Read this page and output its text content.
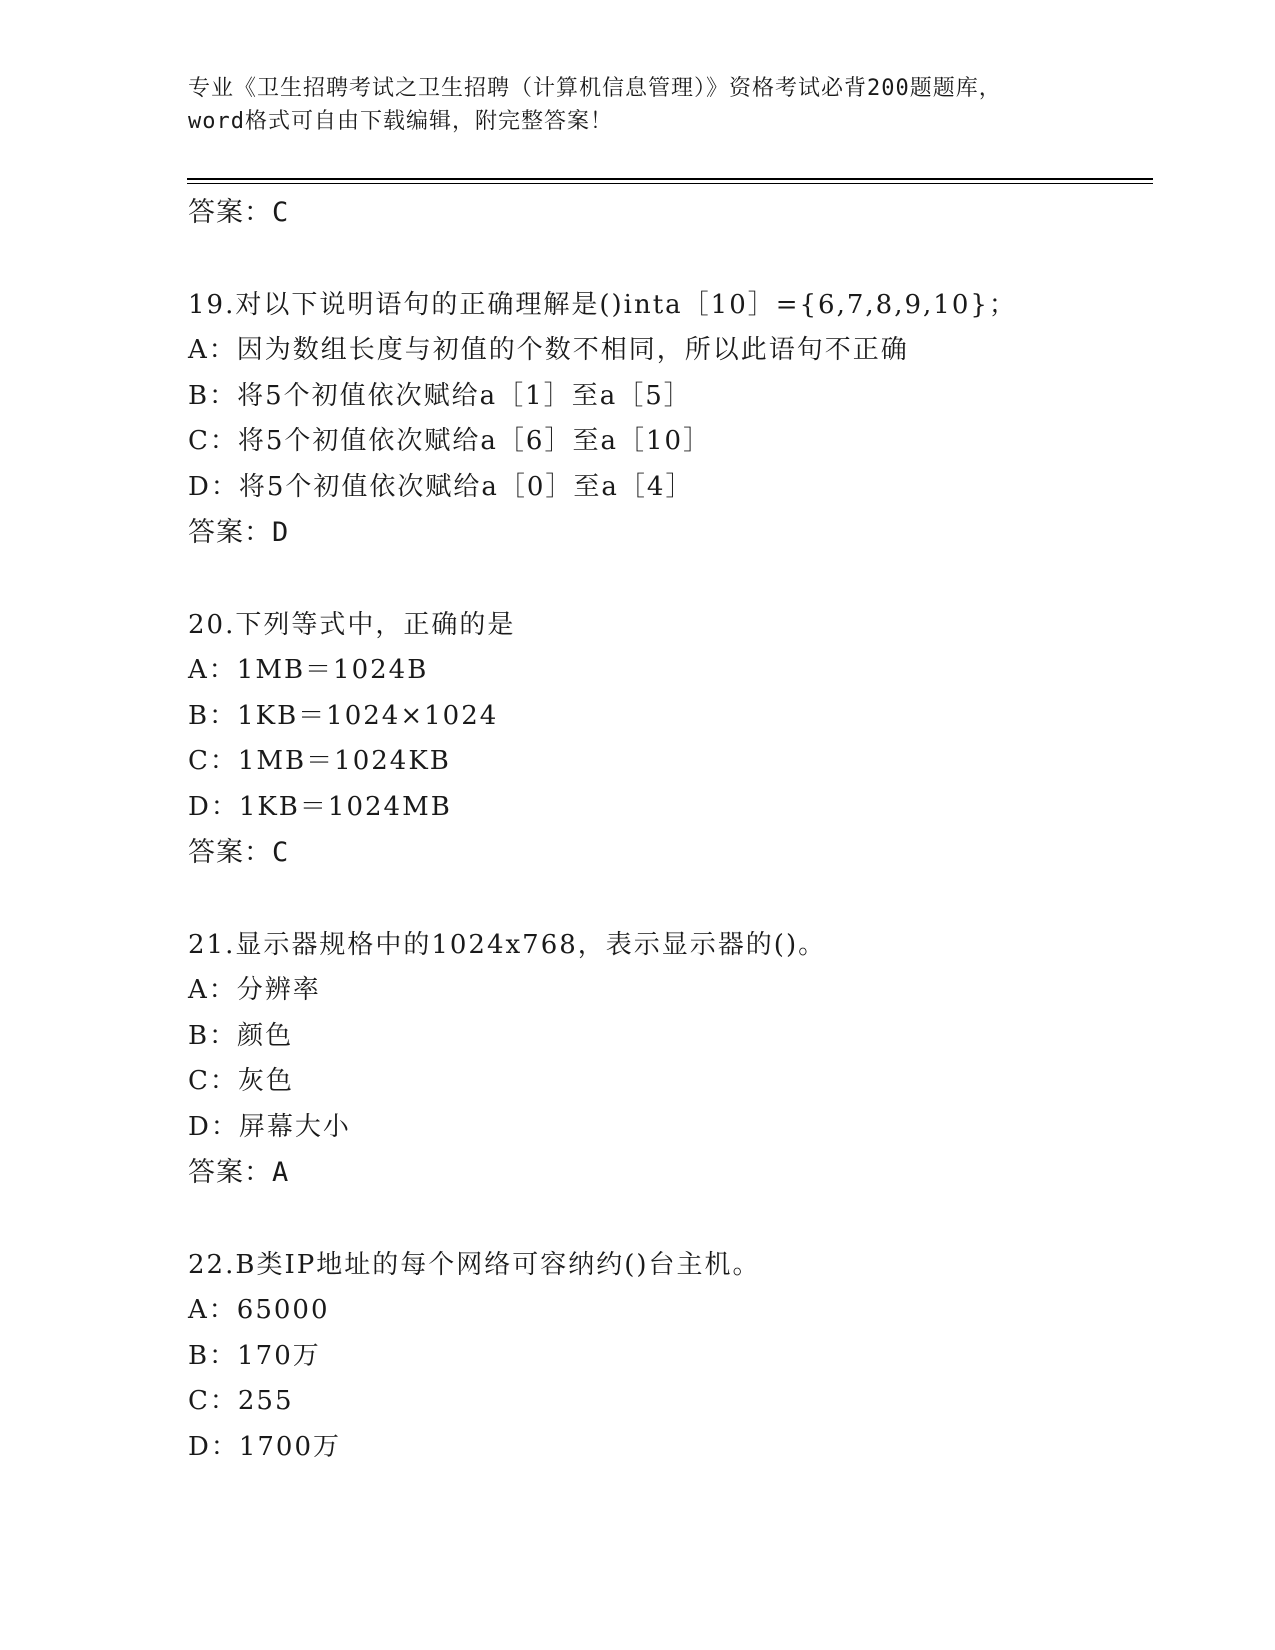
专业《卫生招聘考试之卫生招聘（计算机信息管理）》资格考试必背200题题库，
word格式可自由下载编辑，附完整答案！
答案：C
19.对以下说明语句的正确理解是()inta［10］={6,7,8,9,10}；
A：因为数组长度与初值的个数不相同，所以此语句不正确
B：将5个初值依次赋给a［1］至a［5］
C：将5个初值依次赋给a［6］至a［10］
D：将5个初值依次赋给a［0］至a［4］
答案：D
20.下列等式中，正确的是
A：1MB＝1024B
B：1KB＝1024×1024
C：1MB＝1024KB
D：1KB＝1024MB
答案：C
21.显示器规格中的1024x768，表示显示器的()。
A：分辨率
B：颜色
C：灰色
D：屏幕大小
答案：A
22.B类IP地址的每个网络可容纳约()台主机。
A：65000
B：170万
C：255
D：1700万
